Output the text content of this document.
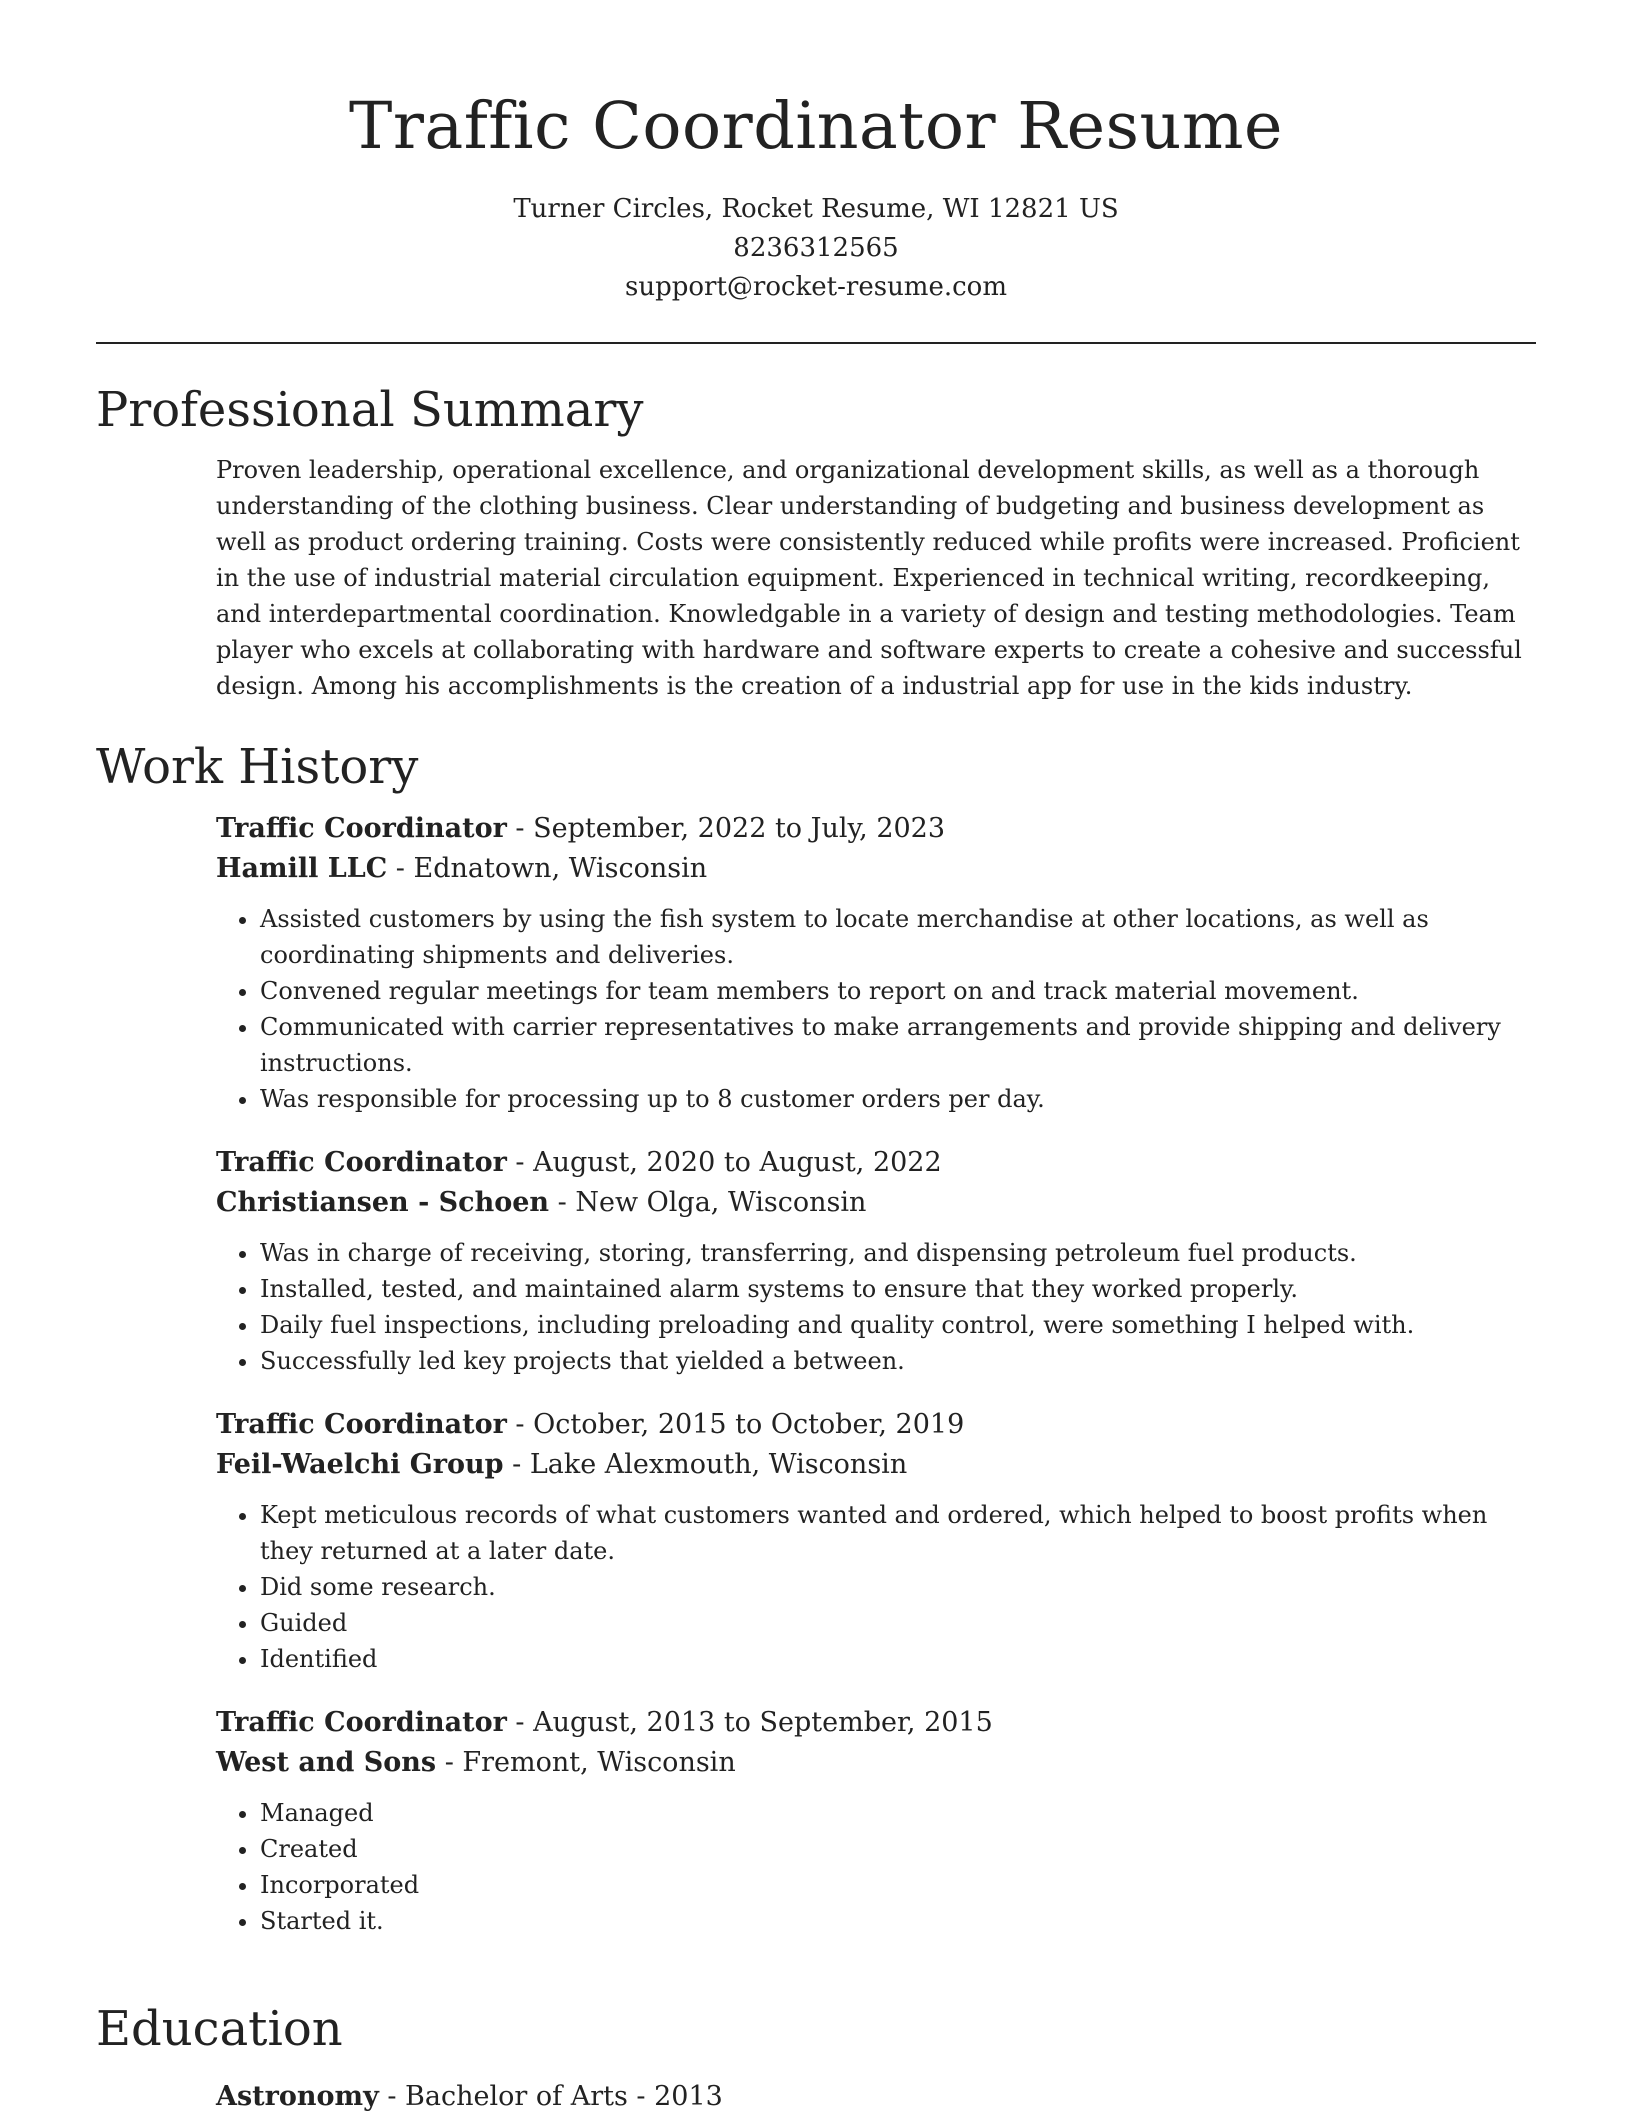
Traffic Coordinator Resume

Turner Circles, Rocket Resume, WI 12821 US

8236312565

support@rocket-resume.com

Professional Summary

Proven leadership, operational excellence, and organizational development skills, as well as a thorough understanding of the clothing business. Clear understanding of budgeting and business development as well as product ordering training. Costs were consistently reduced while profits were increased. Proficient in the use of industrial material circulation equipment. Experienced in technical writing, recordkeeping, and interdepartmental coordination. Knowledgable in a variety of design and testing methodologies. Team player who excels at collaborating with hardware and software experts to create a cohesive and successful design. Among his accomplishments is the creation of a industrial app for use in the kids industry.

Work History

Traffic Coordinator - September, 2022 to July, 2023

Hamill LLC - Ednatown, Wisconsin

• Assisted customers by using the fish system to locate merchandise at other locations, as well as coordinating shipments and deliveries.
• Convened regular meetings for team members to report on and track material movement.
• Communicated with carrier representatives to make arrangements and provide shipping and delivery instructions.
• Was responsible for processing up to 8 customer orders per day.

Traffic Coordinator - August, 2020 to August, 2022

Christiansen - Schoen - New Olga, Wisconsin

• Was in charge of receiving, storing, transferring, and dispensing petroleum fuel products.
• Installed, tested, and maintained alarm systems to ensure that they worked properly.
• Daily fuel inspections, including preloading and quality control, were something I helped with.
• Successfully led key projects that yielded a between.

Traffic Coordinator - October, 2015 to October, 2019

Feil-Waelchi Group - Lake Alexmouth, Wisconsin

• Kept meticulous records of what customers wanted and ordered, which helped to boost profits when they returned at a later date.
• Did some research.
• Guided
• Identified

Traffic Coordinator - August, 2013 to September, 2015

West and Sons - Fremont, Wisconsin

• Managed
• Created
• Incorporated
• Started it.
Education

Astronomy - Bachelor of Arts - 2013
